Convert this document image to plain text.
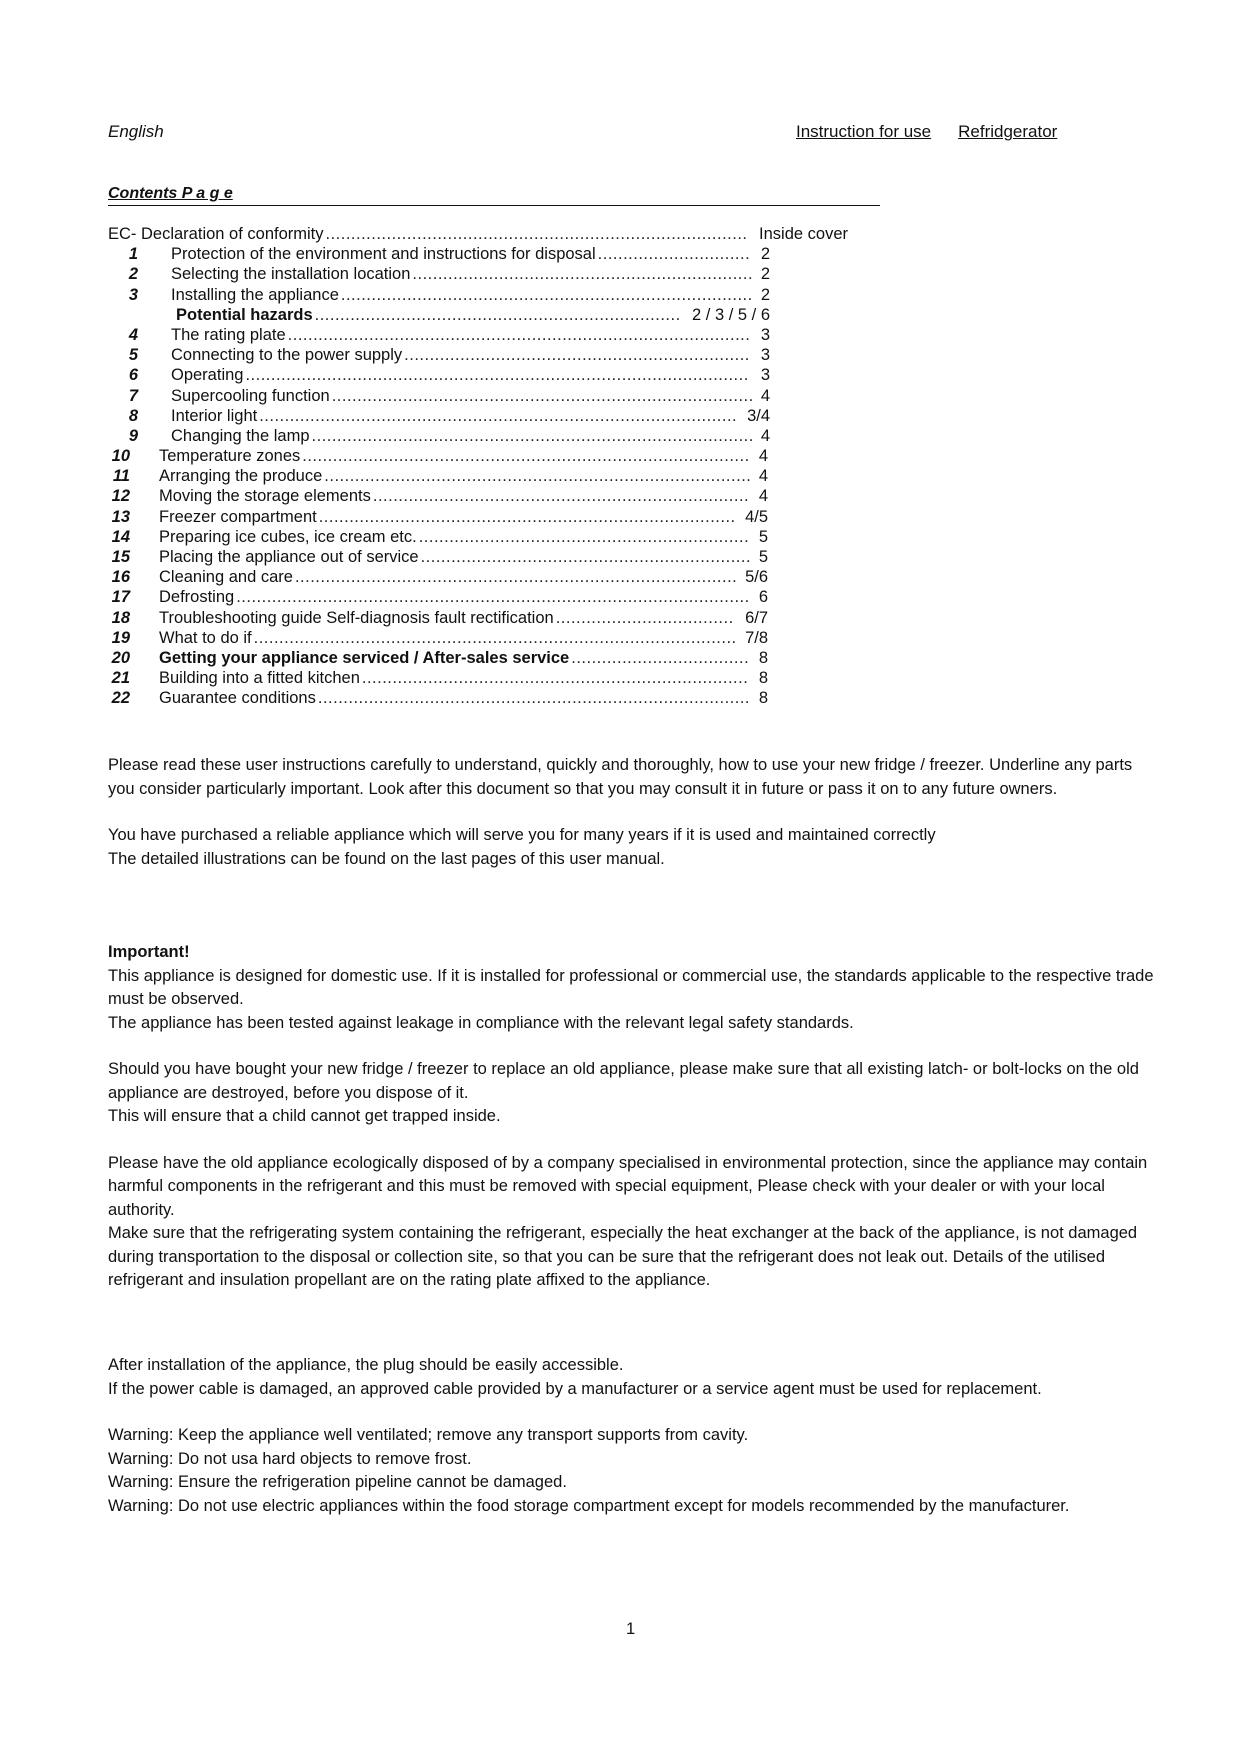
English	Instruction for use Refridgerator
Contents P a g e
EC- Declaration of conformity ................................................................................... Inside cover
1 Protection of the environment and instructions for disposal .............................. 2
2 Selecting the installation location ................................................................... 2
3 Installing the appliance ................................................................................. 2
Potential hazards ........................................................................ 2 / 3 / 5 / 6
4 The rating plate ........................................................................................... 3
5 Connecting to the power supply .................................................................... 3
6 Operating ................................................................................................... 3
7 Supercooling function ................................................................................... 4
8 Interior light .............................................................................................. 3/4
9 Changing the lamp ....................................................................................... 4
10 Temperature zones ........................................................................................ 4
11 Arranging the produce .................................................................................... 4
12 Moving the storage elements .......................................................................... 4
13 Freezer compartment .................................................................................. 4/5
14 Preparing ice cubes, ice cream etc. ................................................................. 5
15 Placing the appliance out of service ................................................................. 5
16 Cleaning and care ....................................................................................... 5/6
17 Defrosting ..................................................................................................... 6
18 Troubleshooting guide Self-diagnosis fault rectification ................................... 6/7
19 What to do if ............................................................................................... 7/8
20 Getting your appliance serviced / After-sales service ................................... 8
21 Building into a fitted kitchen ............................................................................ 8
22 Guarantee conditions ..................................................................................... 8

Please read these user instructions carefully to understand, quickly and thoroughly, how to use your new fridge / freezer. Underline any parts you consider particularly important. Look after this document so that you may consult it in future or pass it on to any future owners.

You have purchased a reliable appliance which will serve you for many years if it is used and maintained correctly

The detailed illustrations can be found on the last pages of this user manual.

Important!

This appliance is designed for domestic use. If it is installed for professional or commercial use, the standards applicable to the respective trade must be observed.

The appliance has been tested against leakage in compliance with the relevant legal safety standards.

Should you have bought your new fridge / freezer to replace an old appliance, please make sure that all existing latch- or bolt-locks on the old appliance are destroyed, before you dispose of it.

This will ensure that a child cannot get trapped inside.

Please have the old appliance ecologically disposed of by a company specialised in environmental protection, since the appliance may contain harmful components in the refrigerant and this must be removed with special equipment, Please check with your dealer or with your local authority.

Make sure that the refrigerating system containing the refrigerant, especially the heat exchanger at the back of the appliance, is not damaged during transportation to the disposal or collection site, so that you can be sure that the refrigerant does not leak out. Details of the utilised refrigerant and insulation propellant are on the rating plate affixed to the appliance.

After installation of the appliance, the plug should be easily accessible.

If the power cable is damaged, an approved cable provided by a manufacturer or a service agent must be used for replacement.

Warning: Keep the appliance well ventilated; remove any transport supports from cavity.

Warning: Do not usa hard objects to remove frost.

Warning: Ensure the refrigeration pipeline cannot be damaged.

Warning: Do not use electric appliances within the food storage compartment except for models recommended by the manufacturer.

1
